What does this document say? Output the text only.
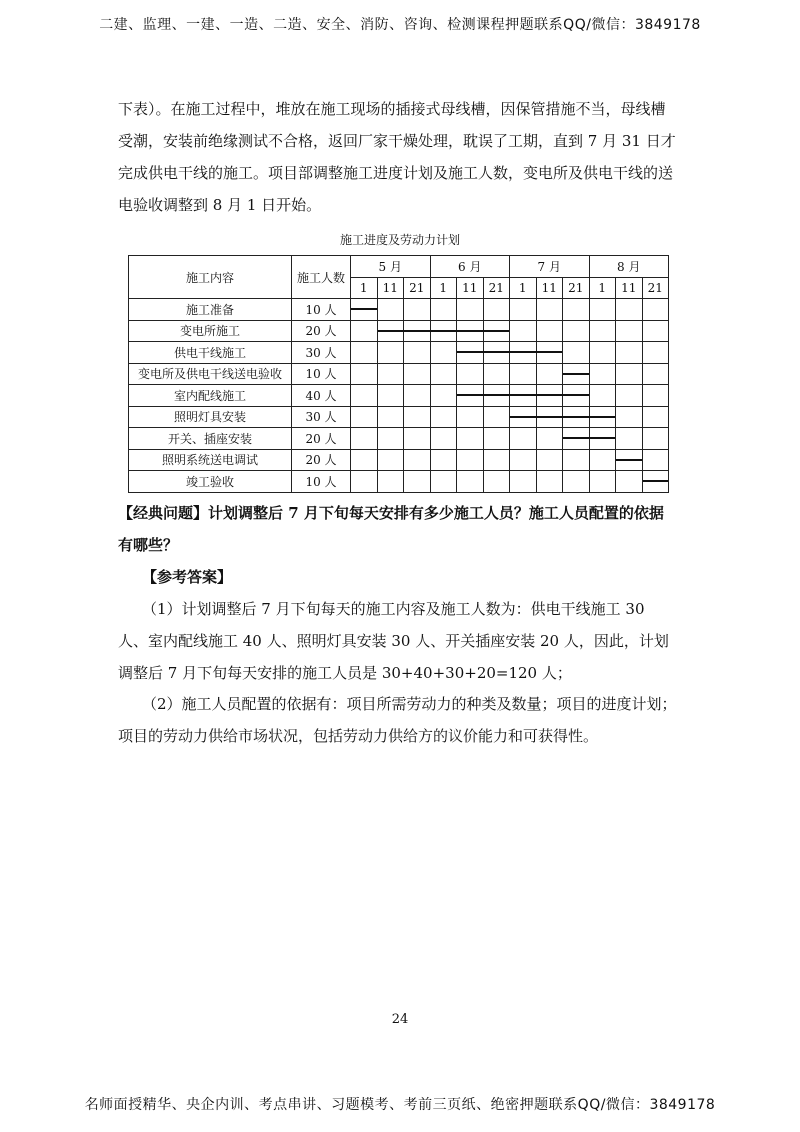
二建、监理、一建、一造、二造、安全、消防、咨询、检测课程押题联系QQ/微信：3849178

下表）。在施工过程中，堆放在施工现场的插接式母线槽，因保管措施不当，母线槽受潮，安装前绝缘测试不合格，返回厂家干燥处理，耽误了工期，直到 7 月 31 日才完成供电干线的施工。项目部调整施工进度计划及施工人数，变电所及供电干线的送电验收调整到 8 月 1 日开始。

施工进度及劳动力计划
施工内容	施工人数	5 月			6 月			7 月			8 月		
		1	11	21	1	11	21	1	11	21	1	11	21
施工准备	10 人	

变电所施工	20 人		

供电干线施工	30 人					

变电所及供电干线送电验收	10 人									

室内配线施工	40 人					

照明灯具安装	30 人							

开关、插座安装	20 人									

照明系统送电调试	20 人											

竣工验收	10 人												

【经典问题】计划调整后 7 月下旬每天安排有多少施工人员？施工人员配置的依据有哪些？

【参考答案】

（1）计划调整后 7 月下旬每天的施工内容及施工人数为：供电干线施工 30 人、室内配线施工 40 人、照明灯具安装 30 人、开关插座安装 20 人，因此，计划调整后 7 月下旬每天安排的施工人员是 30+40+30+20=120 人；

（2）施工人员配置的依据有：项目所需劳动力的种类及数量；项目的进度计划；项目的劳动力供给市场状况，包括劳动力供给方的议价能力和可获得性。

24
名师面授精华、央企内训、考点串讲、习题模考、考前三页纸、绝密押题联系QQ/微信：3849178
